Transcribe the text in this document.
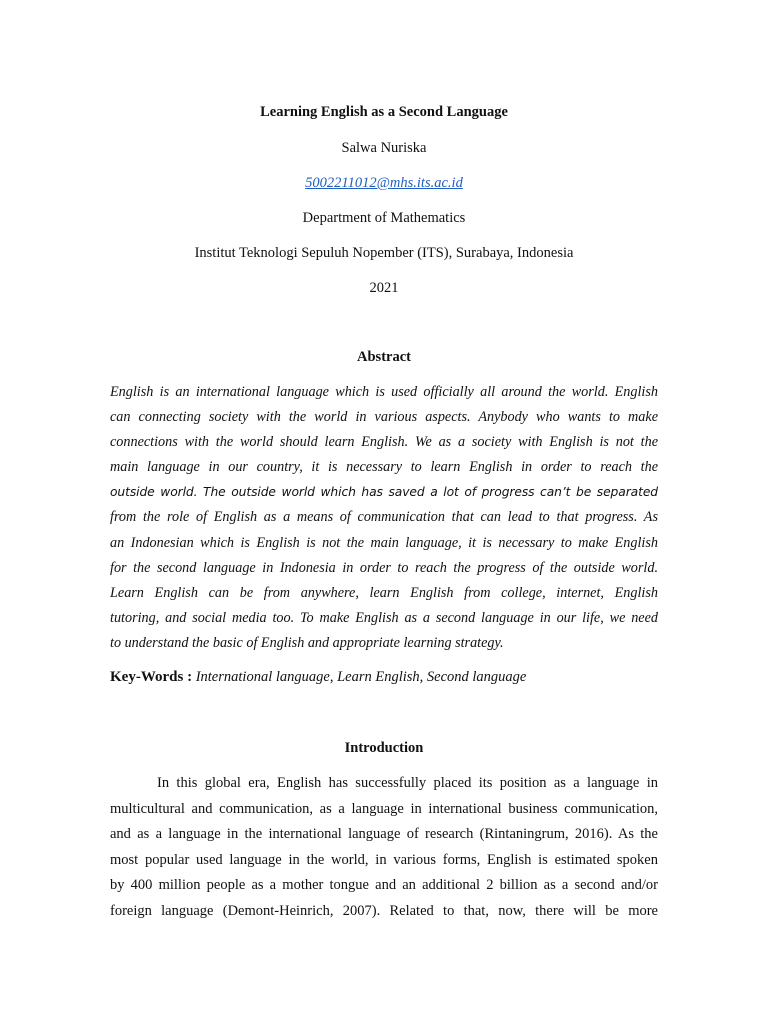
Learning English as a Second Language
Salwa Nuriska
5002211012@mhs.its.ac.id
Department of Mathematics
Institut Teknologi Sepuluh Nopember (ITS), Surabaya, Indonesia
2021
Abstract
English is an international language which is used officially all around the world. English
can connecting society with the world in various aspects. Anybody who wants to make
connections with the world should learn English. We as a society with English is not the
main language in our country, it is necessary to learn English in order to reach the
outside world. The outside world which has saved a lot of progress can’t be separated
from the role of English as a means of communication that can lead to that progress. As
an Indonesian which is English is not the main language, it is necessary to make English
for the second language in Indonesia in order to reach the progress of the outside world.
Learn English can be from anywhere, learn English from college, internet, English
tutoring, and social media too. To make English as a second language in our life, we need
to understand the basic of English and appropriate learning strategy.
Key-Words : International language, Learn English, Second language
Introduction
In this global era, English has successfully placed its position as a language in
multicultural and communication, as a language in international business communication,
and as a language in the international language of research (Rintaningrum, 2016). As the
most popular used language in the world, in various forms, English is estimated spoken
by 400 million people as a mother tongue and an additional 2 billion as a second and/or
foreign language (Demont-Heinrich, 2007). Related to that, now, there will be more
